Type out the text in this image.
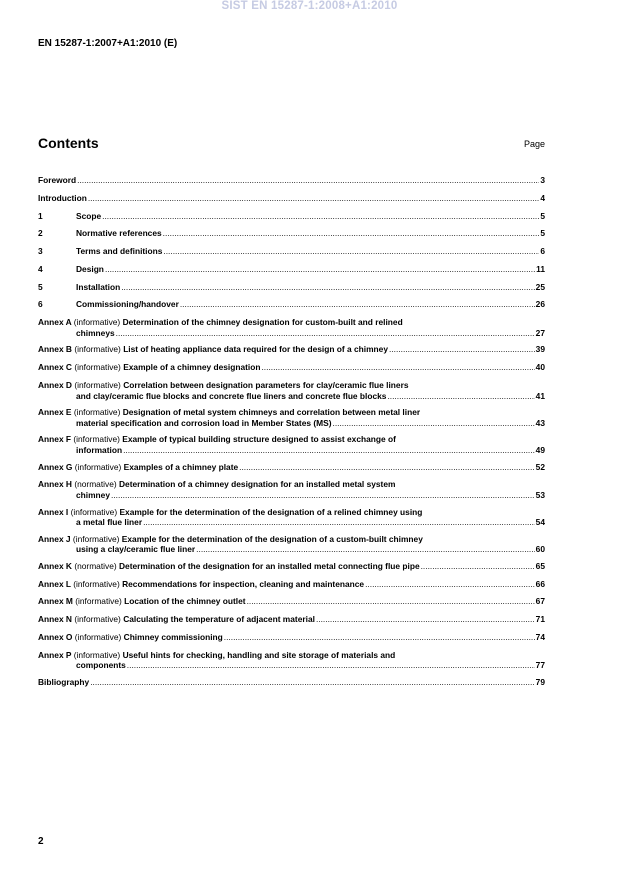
SIST EN 15287-1:2008+A1:2010
EN 15287-1:2007+A1:2010 (E)
Contents	Page
Foreword .....	3
Introduction .....	4
1	Scope .....	5
2	Normative references .....	5
3	Terms and definitions .....	6
4	Design .....	11
5	Installation .....	25
6	Commissioning/handover .....	26
Annex A (informative) Determination of the chimney designation for custom-built and relined
chimneys .....	27
Annex B (informative) List of heating appliance data required for the design of a chimney .....	39
Annex C (informative) Example of a chimney designation .....	40
Annex D (informative) Correlation between designation parameters for clay/ceramic flue liners
and clay/ceramic flue blocks and concrete flue liners and concrete flue blocks .....	41
Annex E (informative) Designation of metal system chimneys and correlation between metal liner
material specification and corrosion load in Member States (MS) .....	43
Annex F (informative) Example of typical building structure designed to assist exchange of
information .....	49
Annex G (informative) Examples of a chimney plate .....	52
Annex H (normative) Determination of a chimney designation for an installed metal system
chimney .....	53
Annex I (informative) Example for the determination of the designation of a relined chimney using
a metal flue liner .....	54
Annex J (informative) Example for the determination of the designation of a custom-built chimney
using a clay/ceramic flue liner .....	60
Annex K (normative) Determination of the designation for an installed metal connecting flue pipe .....	65
Annex L (informative) Recommendations for inspection, cleaning and maintenance .....	66
Annex M (informative) Location of the chimney outlet .....	67
Annex N (informative) Calculating the temperature of adjacent material .....	71
Annex O (informative) Chimney commissioning .....	74
Annex P (informative) Useful hints for checking, handling and site storage of materials and
components .....	77
Bibliography .....	79
2
